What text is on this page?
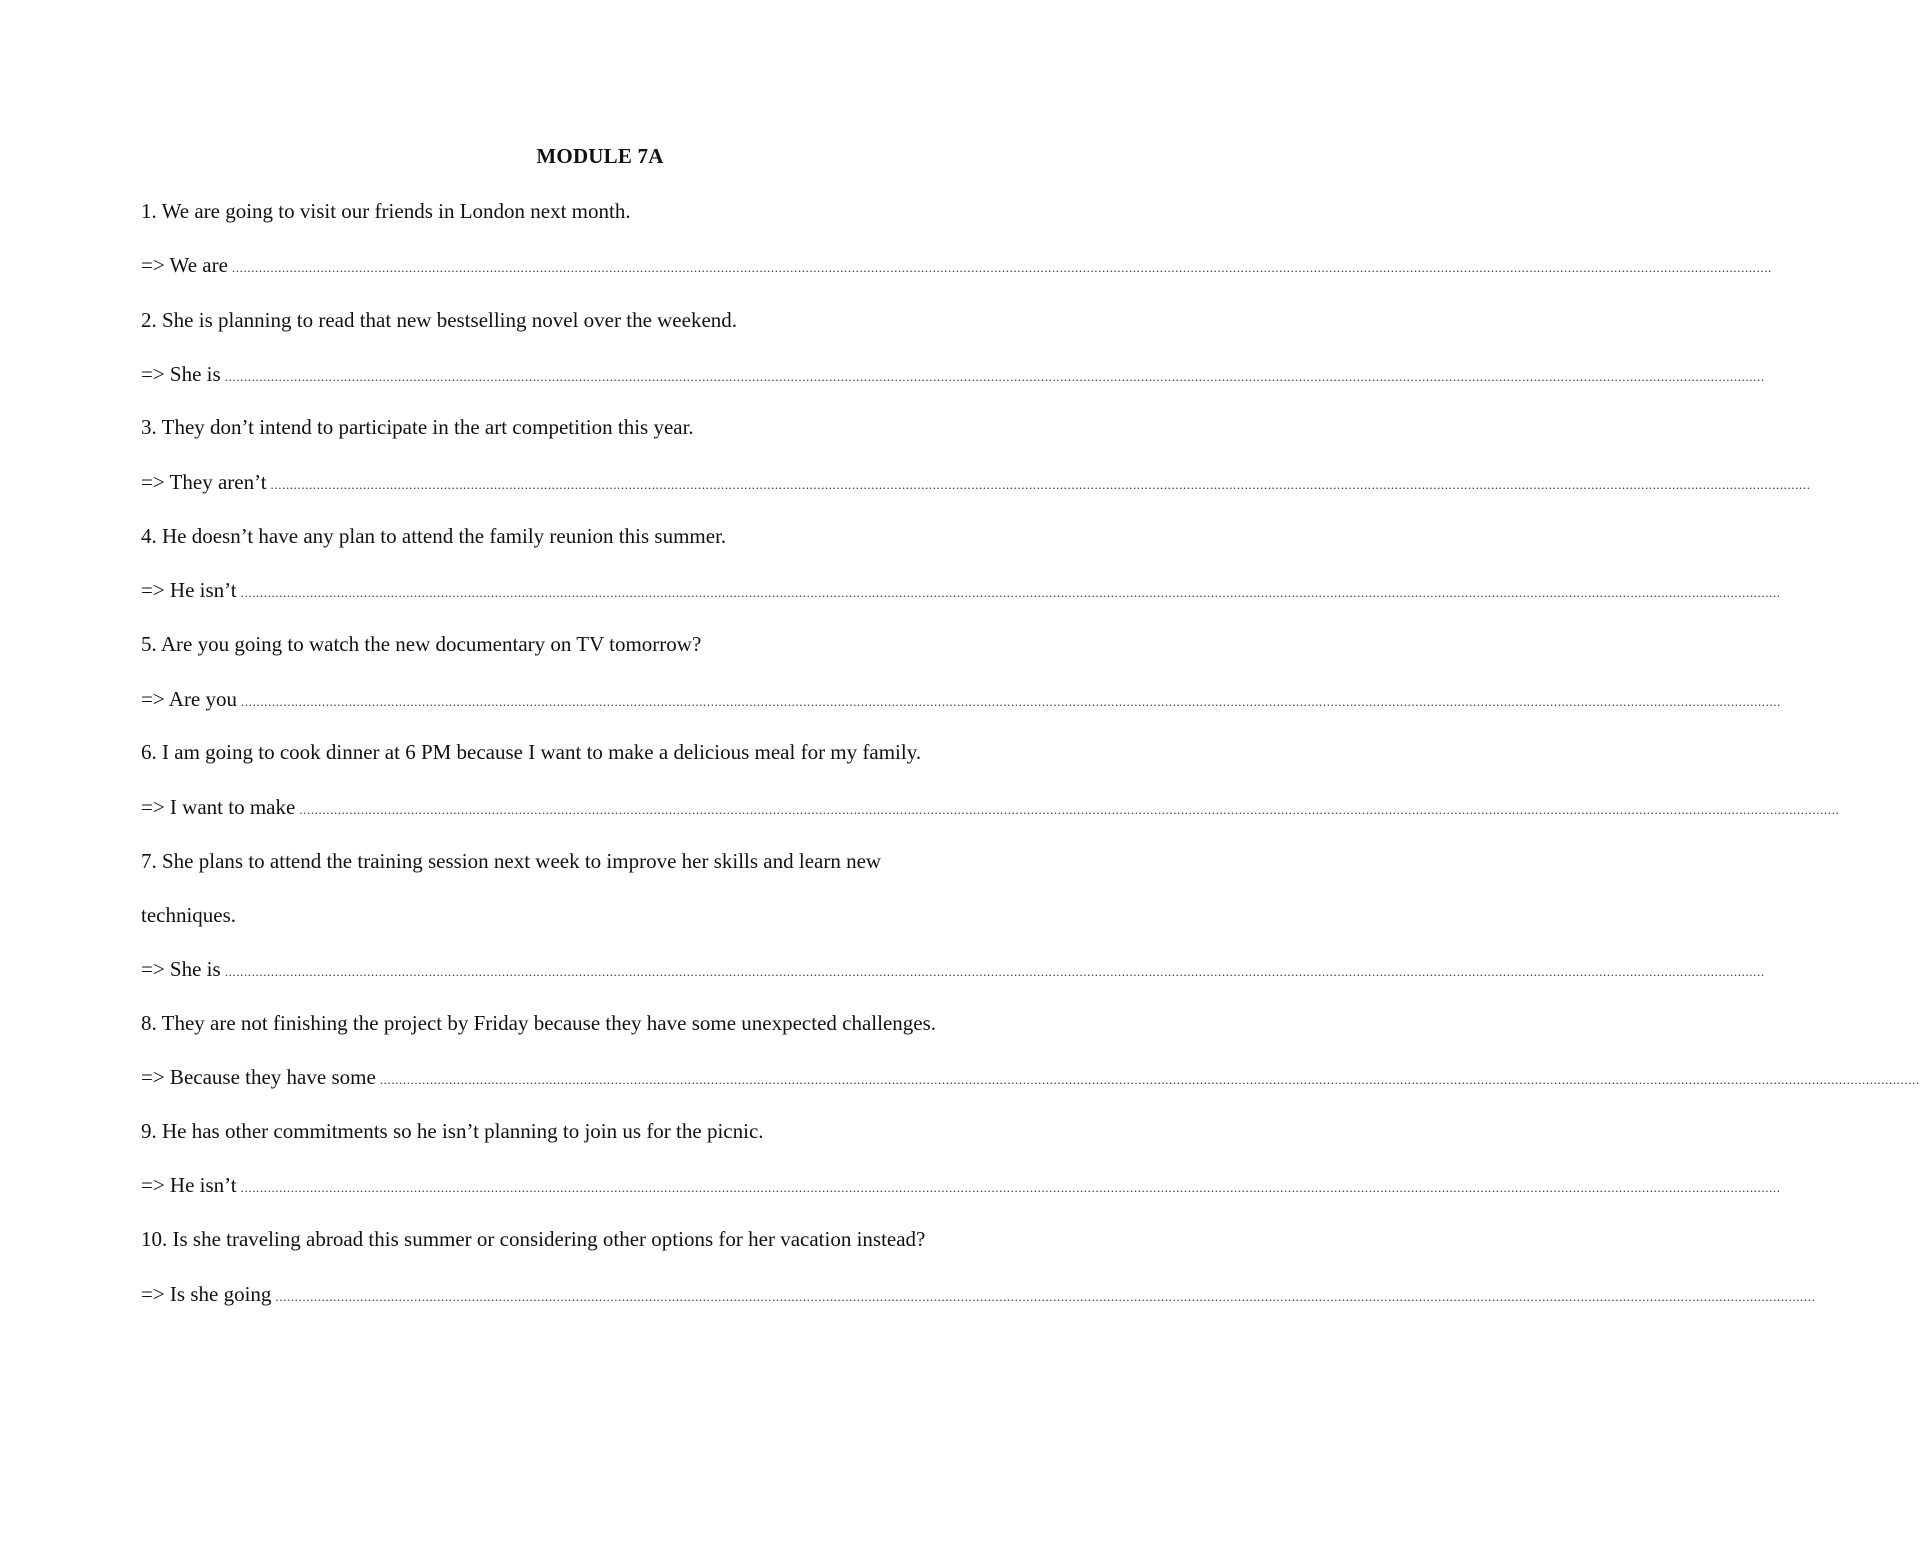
MODULE 7A
1. We are going to visit our friends in London next month.
=> We are ................................................................................................................................................................................................................................................................................................................................................................................................................
2. She is planning to read that new bestselling novel over the weekend.
=> She is ................................................................................................................................................................................................................................................................................................................................................................................................................
3. They don’t intend to participate in the art competition this year.
=> They aren’t ................................................................................................................................................................................................................................................................................................................................................................................................................
4. He doesn’t have any plan to attend the family reunion this summer.
=> He isn’t ................................................................................................................................................................................................................................................................................................................................................................................................................
5. Are you going to watch the new documentary on TV tomorrow?
=> Are you ................................................................................................................................................................................................................................................................................................................................................................................................................
6. I am going to cook dinner at 6 PM because I want to make a delicious meal for my family.
=> I want to make ................................................................................................................................................................................................................................................................................................................................................................................................................
7. She plans to attend the training session next week to improve her skills and learn new
techniques.
=> She is ................................................................................................................................................................................................................................................................................................................................................................................................................
8. They are not finishing the project by Friday because they have some unexpected challenges.
=> Because they have some ................................................................................................................................................................................................................................................................................................................................................................................................................
9. He has other commitments so he isn’t planning to join us for the picnic.
=> He isn’t ................................................................................................................................................................................................................................................................................................................................................................................................................
10. Is she traveling abroad this summer or considering other options for her vacation instead?
=> Is she going ................................................................................................................................................................................................................................................................................................................................................................................................................
